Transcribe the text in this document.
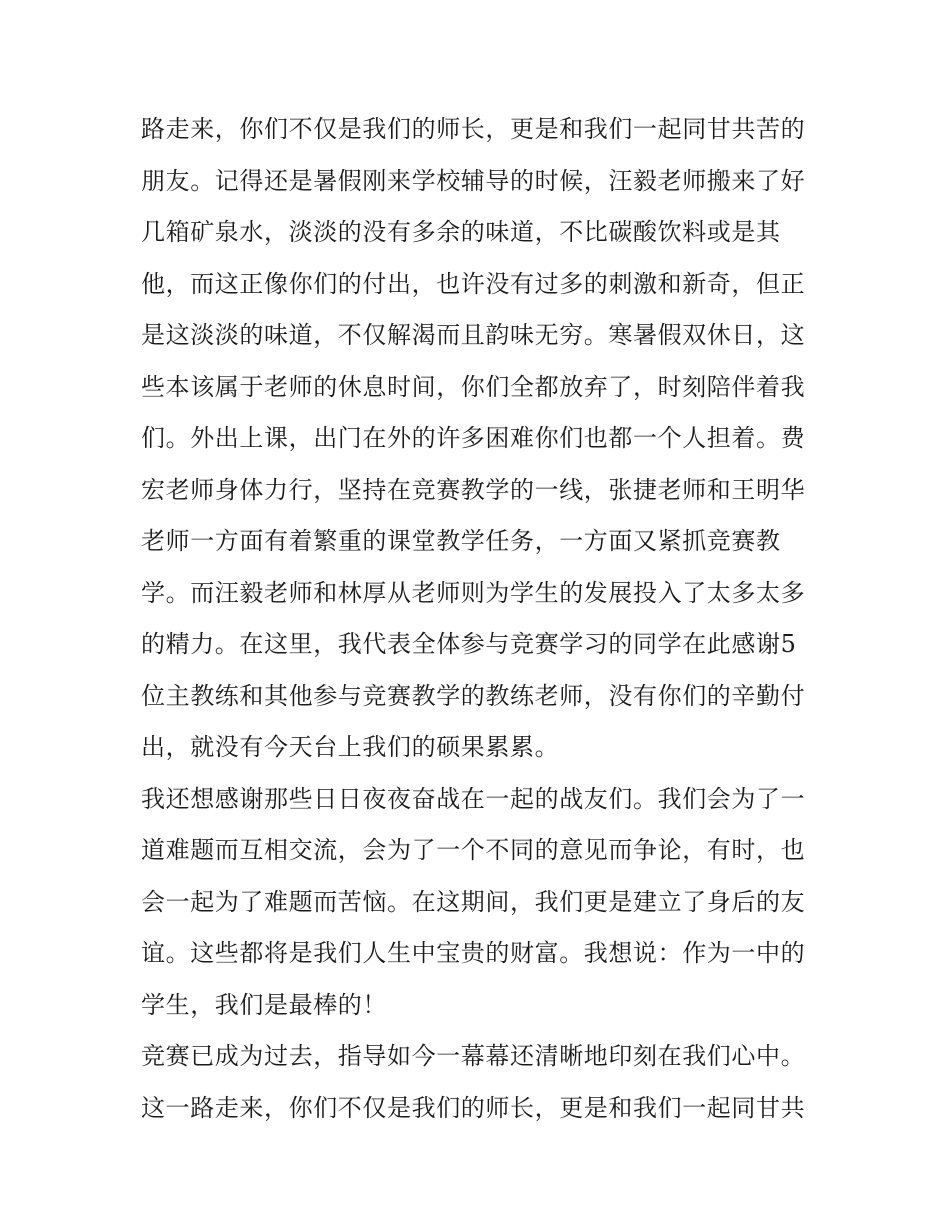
路走来，你们不仅是我们的师长，更是和我们一起同甘共苦的
朋友。记得还是暑假刚来学校辅导的时候，汪毅老师搬来了好
几箱矿泉水，淡淡的没有多余的味道，不比碳酸饮料或是其
他，而这正像你们的付出，也许没有过多的刺激和新奇，但正
是这淡淡的味道，不仅解渴而且韵味无穷。寒暑假双休日，这
些本该属于老师的休息时间，你们全都放弃了，时刻陪伴着我
们。外出上课，出门在外的许多困难你们也都一个人担着。费
宏老师身体力行，坚持在竞赛教学的一线，张捷老师和王明华
老师一方面有着繁重的课堂教学任务，一方面又紧抓竞赛教
学。而汪毅老师和林厚从老师则为学生的发展投入了太多太多
的精力。在这里，我代表全体参与竞赛学习的同学在此感谢5
位主教练和其他参与竞赛教学的教练老师，没有你们的辛勤付
出，就没有今天台上我们的硕果累累。
我还想感谢那些日日夜夜奋战在一起的战友们。我们会为了一
道难题而互相交流，会为了一个不同的意见而争论，有时，也
会一起为了难题而苦恼。在这期间，我们更是建立了身后的友
谊。这些都将是我们人生中宝贵的财富。我想说：作为一中的
学生，我们是最棒的！
竞赛已成为过去，指导如今一幕幕还清晰地印刻在我们心中。
这一路走来，你们不仅是我们的师长，更是和我们一起同甘共
